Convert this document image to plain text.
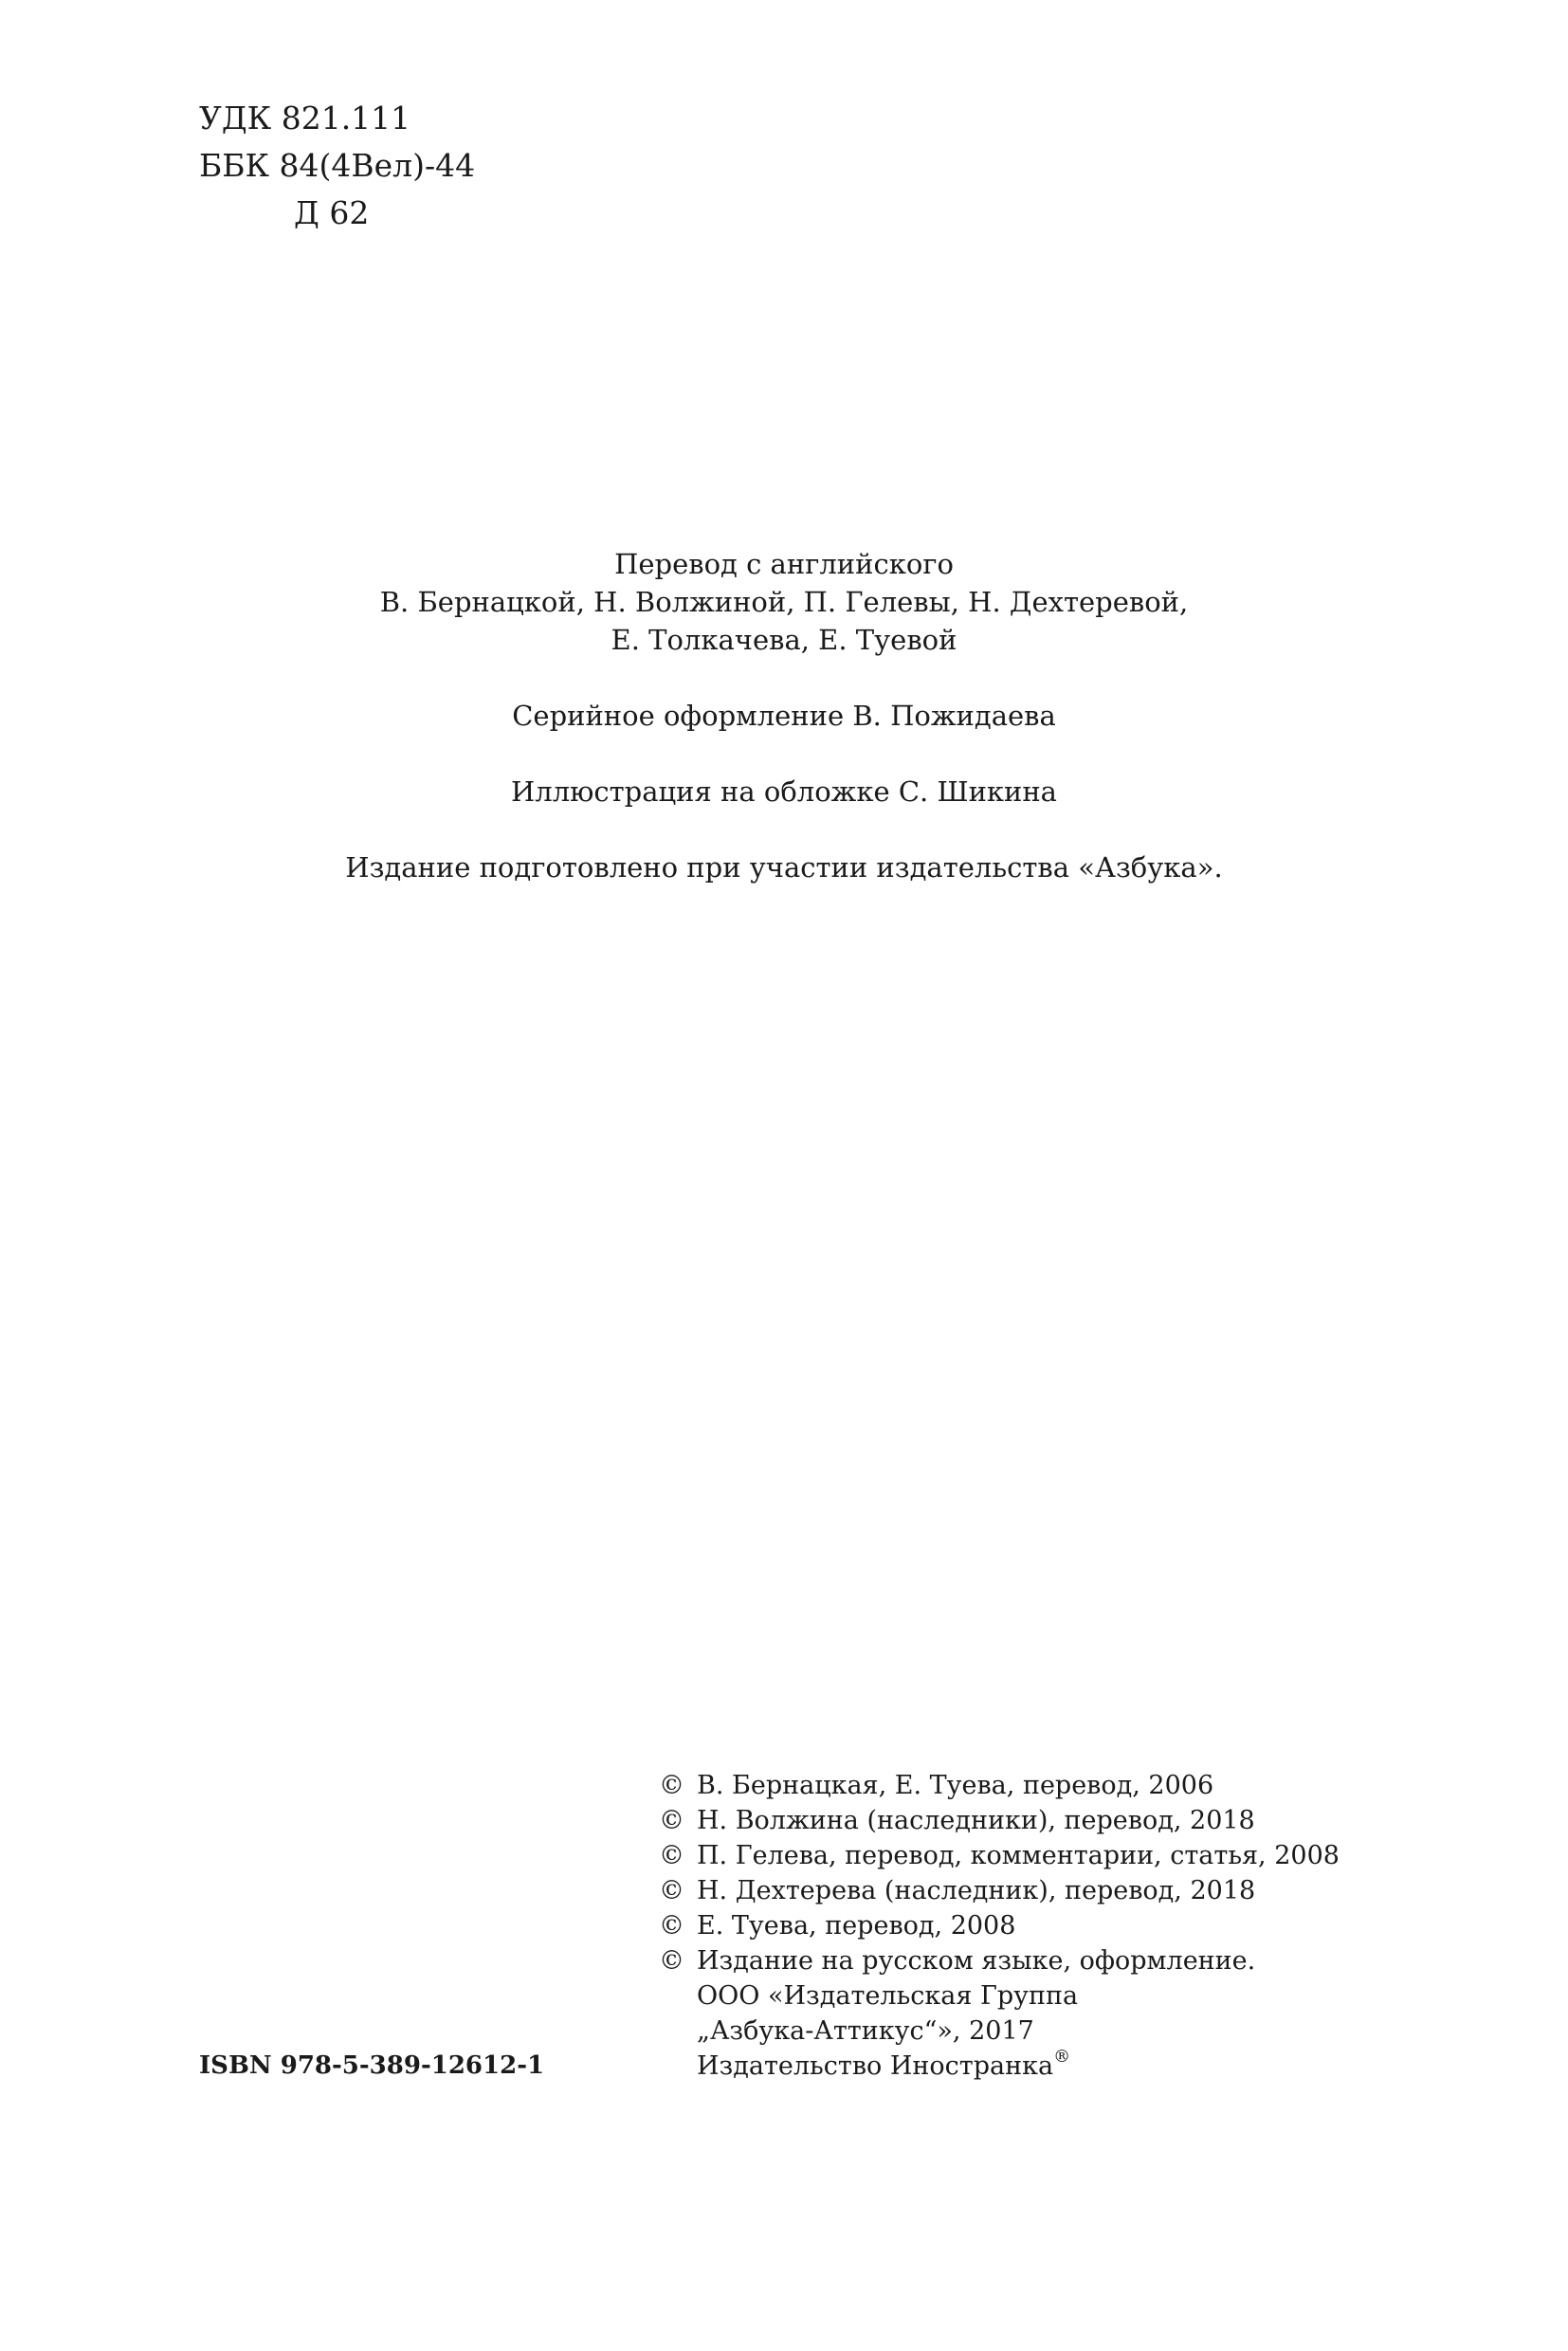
УДК 821.111
ББК 84(4Вел)-44
Д 62
Перевод с английского
В. Бернацкой, Н. Волжиной, П. Гелевы, Н. Дехтеревой,
Е. Толкачева, Е. Туевой
Серийное оформление В. Пожидаева
Иллюстрация на обложке С. Шикина
Издание подготовлено при участии издательства «Азбука».
© В. Бернацкая, Е. Туева, перевод, 2006
© Н. Волжина (наследники), перевод, 2018
© П. Гелева, перевод, комментарии, статья, 2008
© Н. Дехтерева (наследник), перевод, 2018
© Е. Туева, перевод, 2008
© Издание на русском языке, оформление.
ООО «Издательская Группа
„Азбука-Аттикус“», 2017
Издательство Иностранка®
ISBN 978-5-389-12612-1
